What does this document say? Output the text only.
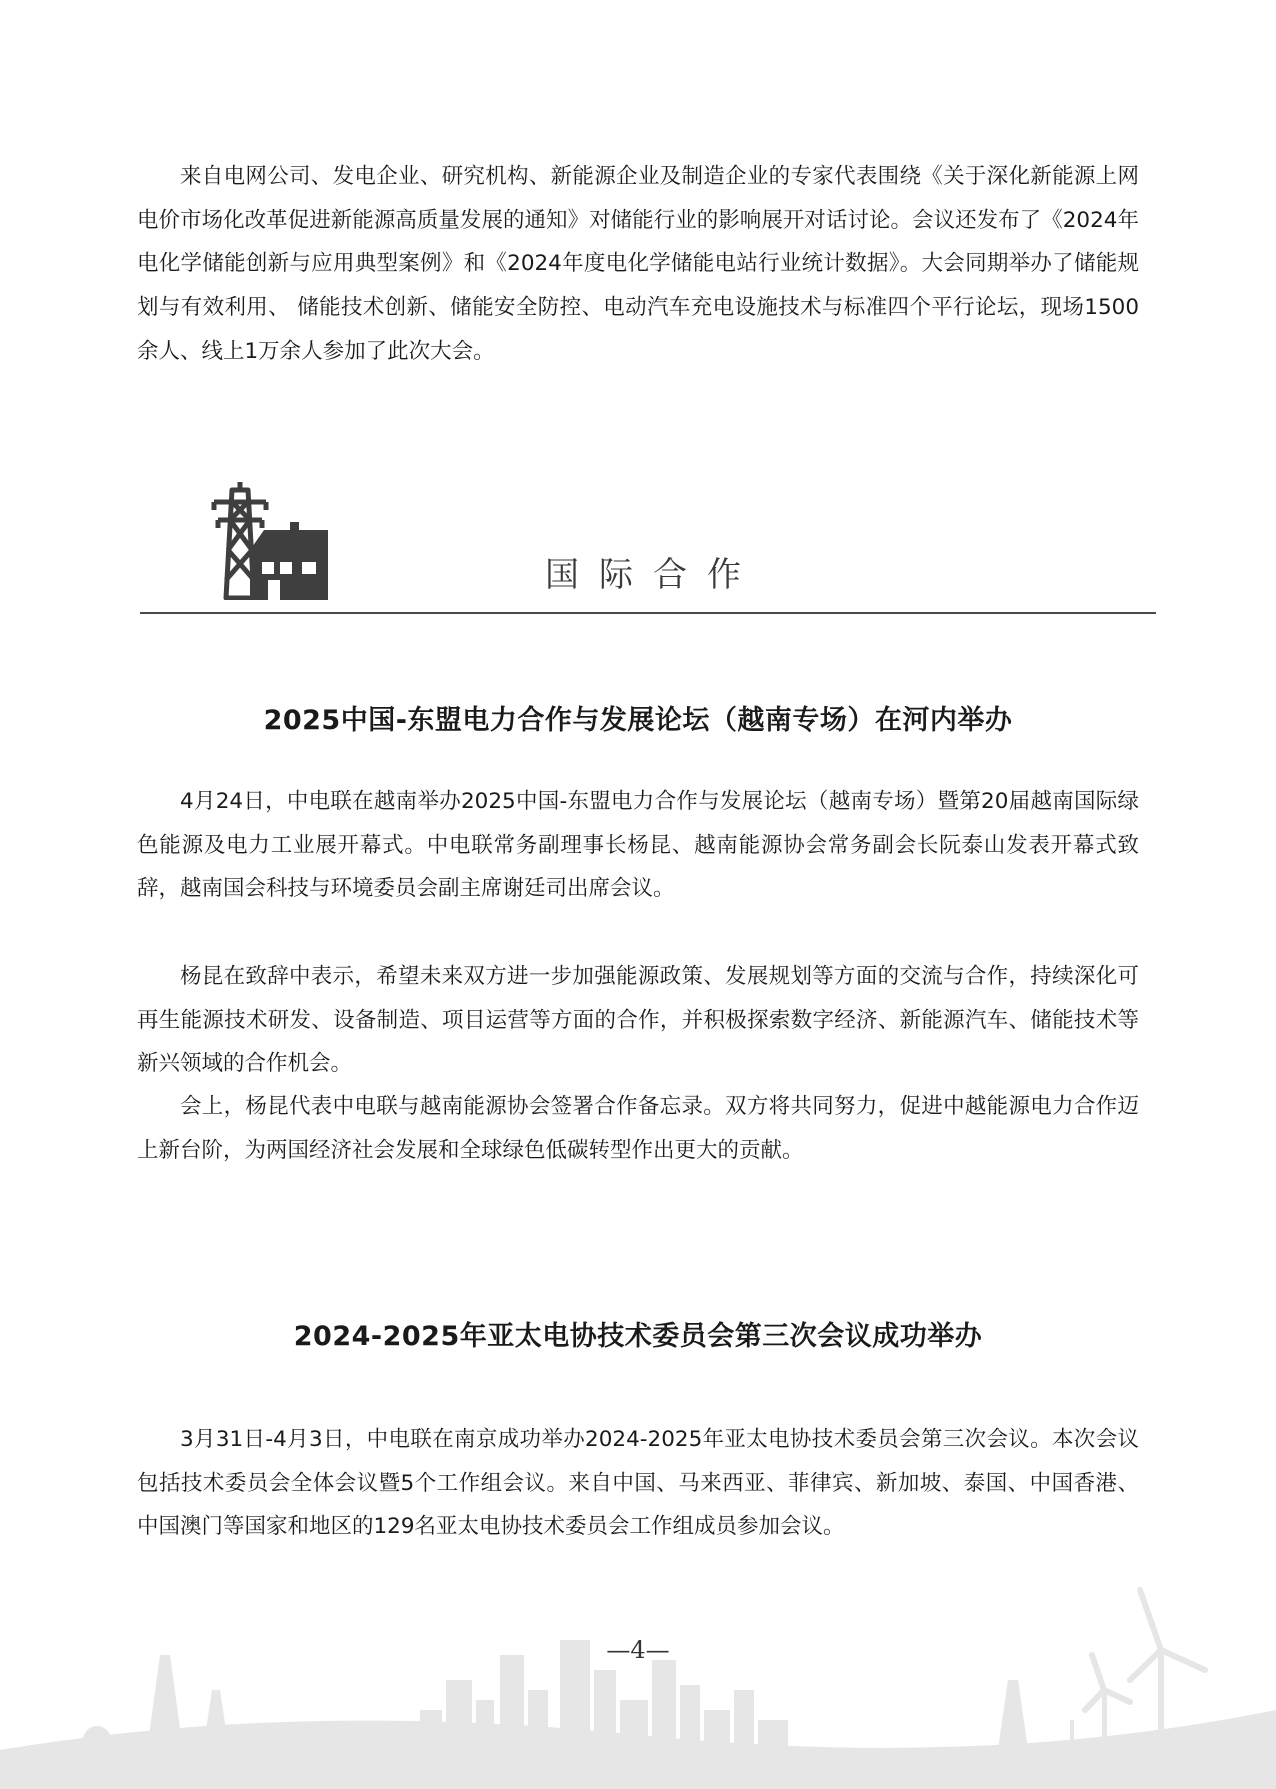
来自电网公司、发电企业、研究机构、新能源企业及制造企业的专家代表围绕《关于深化新能源上网电价市场化改革促进新能源高质量发展的通知》对储能行业的影响展开对话讨论。会议还发布了《2024年电化学储能创新与应用典型案例》和《2024年度电化学储能电站行业统计数据》。大会同期举办了储能规划与有效利用、 储能技术创新、储能安全防控、电动汽车充电设施技术与标准四个平行论坛，现场1500余人、线上1万余人参加了此次大会。

国际合作
2025中国-东盟电力合作与发展论坛（越南专场）在河内举办

4月24日，中电联在越南举办2025中国-东盟电力合作与发展论坛（越南专场）暨第20届越南国际绿色能源及电力工业展开幕式。中电联常务副理事长杨昆、越南能源协会常务副会长阮泰山发表开幕式致辞，越南国会科技与环境委员会副主席谢廷司出席会议。

杨昆在致辞中表示，希望未来双方进一步加强能源政策、发展规划等方面的交流与合作，持续深化可再生能源技术研发、设备制造、项目运营等方面的合作，并积极探索数字经济、新能源汽车、储能技术等新兴领域的合作机会。

会上，杨昆代表中电联与越南能源协会签署合作备忘录。双方将共同努力，促进中越能源电力合作迈上新台阶，为两国经济社会发展和全球绿色低碳转型作出更大的贡献。

2024-2025年亚太电协技术委员会第三次会议成功举办

3月31日-4月3日，中电联在南京成功举办2024-2025年亚太电协技术委员会第三次会议。本次会议包括技术委员会全体会议暨5个工作组会议。来自中国、马来西亚、菲律宾、新加坡、泰国、中国香港、中国澳门等国家和地区的129名亚太电协技术委员会工作组成员参加会议。

—4—
